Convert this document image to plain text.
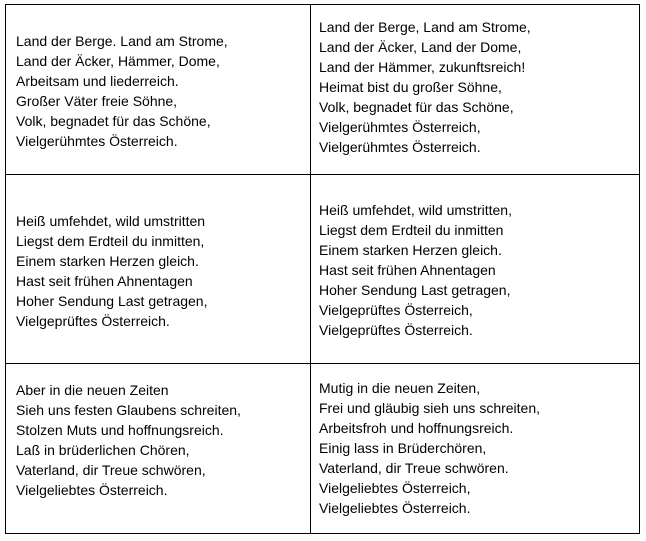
Land der Berge. Land am Strome,
Land der Äcker, Hämmer, Dome,
Arbeitsam und liederreich.
Großer Väter freie Söhne,
Volk, begnadet für das Schöne,
Vielgerühmtes Österreich.
Land der Berge, Land am Strome,
Land der Äcker, Land der Dome,
Land der Hämmer, zukunftsreich!
Heimat bist du großer Söhne,
Volk, begnadet für das Schöne,
Vielgerühmtes Österreich,
Vielgerühmtes Österreich.
Heiß umfehdet, wild umstritten
Liegst dem Erdteil du inmitten,
Einem starken Herzen gleich.
Hast seit frühen Ahnentagen
Hoher Sendung Last getragen,
Vielgeprüftes Österreich.
Heiß umfehdet, wild umstritten,
Liegst dem Erdteil du inmitten
Einem starken Herzen gleich.
Hast seit frühen Ahnentagen
Hoher Sendung Last getragen,
Vielgeprüftes Österreich,
Vielgeprüftes Österreich.
Aber in die neuen Zeiten
Sieh uns festen Glaubens schreiten,
Stolzen Muts und hoffnungsreich.
Laß in brüderlichen Chören,
Vaterland, dir Treue schwören,
Vielgeliebtes Österreich.
Mutig in die neuen Zeiten,
Frei und gläubig sieh uns schreiten,
Arbeitsfroh und hoffnungsreich.
Einig lass in Brüderchören,
Vaterland, dir Treue schwören.
Vielgeliebtes Österreich,
Vielgeliebtes Österreich.
